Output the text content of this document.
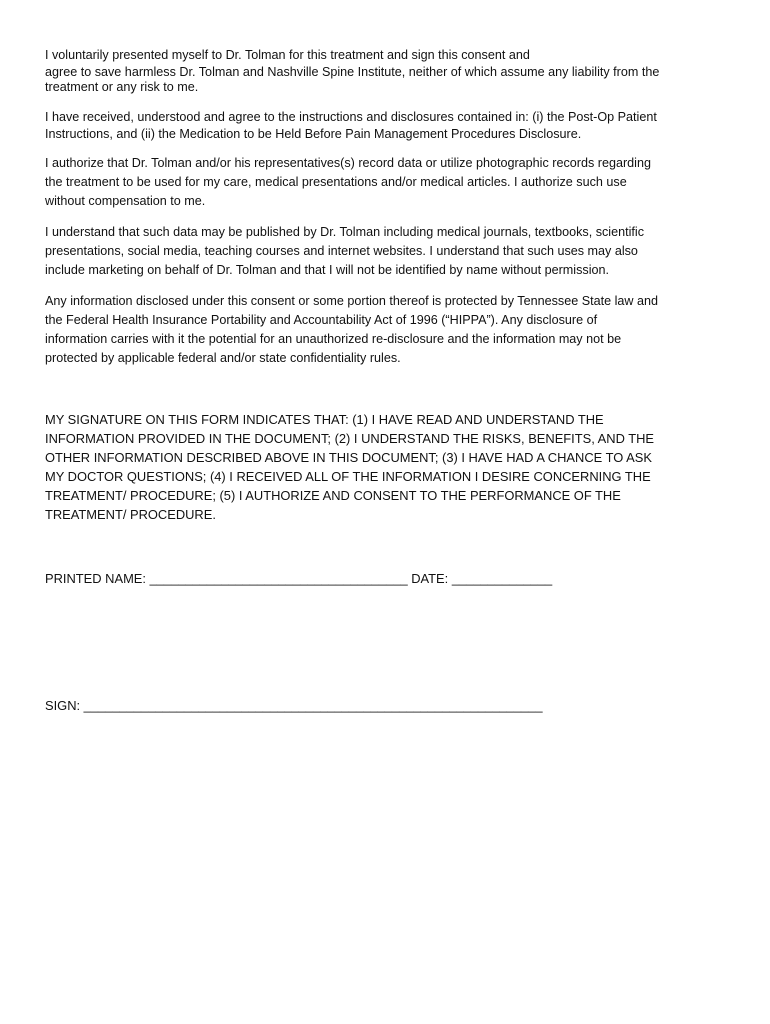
I voluntarily presented myself to Dr. Tolman for this treatment and sign this consent and
agree to save harmless Dr. Tolman and Nashville Spine Institute, neither of which assume any liability from the
treatment or any risk to me.
I have received, understood and agree to the instructions and disclosures contained in: (i) the Post-Op Patient
Instructions, and (ii) the Medication to be Held Before Pain Management Procedures Disclosure.
I authorize that Dr. Tolman and/or his representatives(s) record data or utilize photographic records regarding
the treatment to be used for my care, medical presentations and/or medical articles. I authorize such use
without compensation to me.
I understand that such data may be published by Dr. Tolman including medical journals, textbooks, scientific
presentations, social media, teaching courses and internet websites. I understand that such uses may also
include marketing on behalf of Dr. Tolman and that I will not be identified by name without permission.
Any information disclosed under this consent or some portion thereof is protected by Tennessee State law and
the Federal Health Insurance Portability and Accountability Act of 1996 (“HIPPA”). Any disclosure of
information carries with it the potential for an unauthorized re-disclosure and the information may not be
protected by applicable federal and/or state confidentiality rules.
MY SIGNATURE ON THIS FORM INDICATES THAT: (1) I HAVE READ AND UNDERSTAND THE
INFORMATION PROVIDED IN THE DOCUMENT; (2) I UNDERSTAND THE RISKS, BENEFITS, AND THE
OTHER INFORMATION DESCRIBED ABOVE IN THIS DOCUMENT; (3) I HAVE HAD A CHANCE TO ASK
MY DOCTOR QUESTIONS; (4) I RECEIVED ALL OF THE INFORMATION I DESIRE CONCERNING THE
TREATMENT/ PROCEDURE; (5) I AUTHORIZE AND CONSENT TO THE PERFORMANCE OF THE
TREATMENT/ PROCEDURE.
PRINTED NAME: ____________________________________ DATE: ______________
SIGN: ________________________________________________________________
